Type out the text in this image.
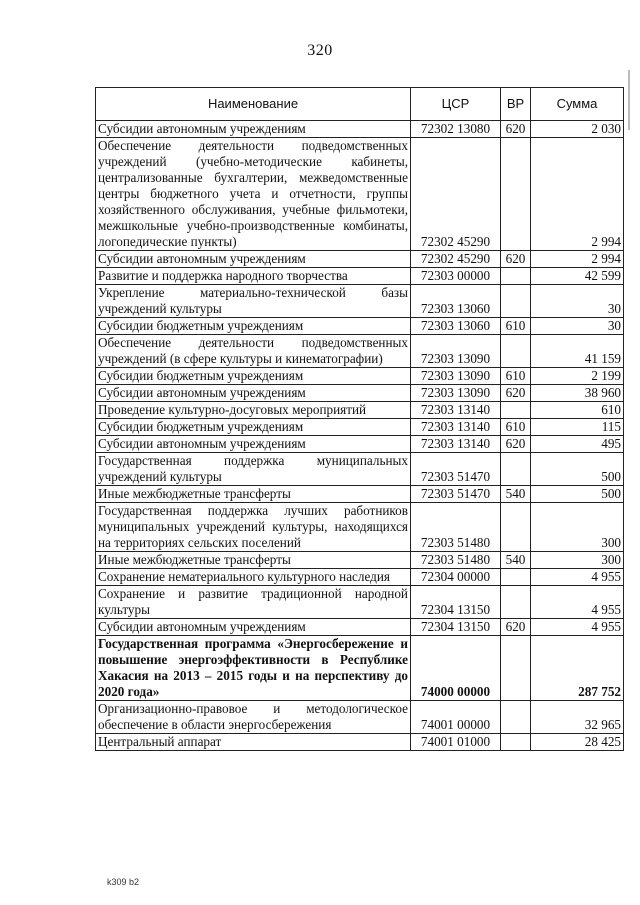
320
Наименование	ЦСР	ВР	Сумма
Субсидии автономным учреждениям	72302 13080	620	2 030
Обеспечение деятельности подведомственных учреждений (учебно-методические кабинеты, централизованные бухгалтерии, межведомственные центры бюджетного учета и отчетности, группы хозяйственного обслуживания, учебные фильмотеки, межшкольные учебно-производственные комбинаты, логопедические пункты)	72302 45290		2 994
Субсидии автономным учреждениям	72302 45290	620	2 994
Развитие и поддержка народного творчества	72303 00000		42 599
Укрепление материально-технической базы учреждений культуры	72303 13060		30
Субсидии бюджетным учреждениям	72303 13060	610	30
Обеспечение деятельности подведомственных учреждений (в сфере культуры и кинематографии)	72303 13090		41 159
Субсидии бюджетным учреждениям	72303 13090	610	2 199
Субсидии автономным учреждениям	72303 13090	620	38 960
Проведение культурно-досуговых мероприятий	72303 13140		610
Субсидии бюджетным учреждениям	72303 13140	610	115
Субсидии автономным учреждениям	72303 13140	620	495
Государственная поддержка муниципальных учреждений культуры	72303 51470		500
Иные межбюджетные трансферты	72303 51470	540	500
Государственная поддержка лучших работников муниципальных учреждений культуры, находящихся на территориях сельских поселений	72303 51480		300
Иные межбюджетные трансферты	72303 51480	540	300
Сохранение нематериального культурного наследия	72304 00000		4 955
Сохранение и развитие традиционной народной культуры	72304 13150		4 955
Субсидии автономным учреждениям	72304 13150	620	4 955
Государственная программа «Энергосбережение и повышение энергоэффективности в Республике Хакасия на 2013 – 2015 годы и на перспективу до 2020 года»	74000 00000		287 752
Организационно-правовое и методологическое обеспечение в области энергосбережения	74001 00000		32 965
Центральный аппарат	74001 01000		28 425
k309 b2
